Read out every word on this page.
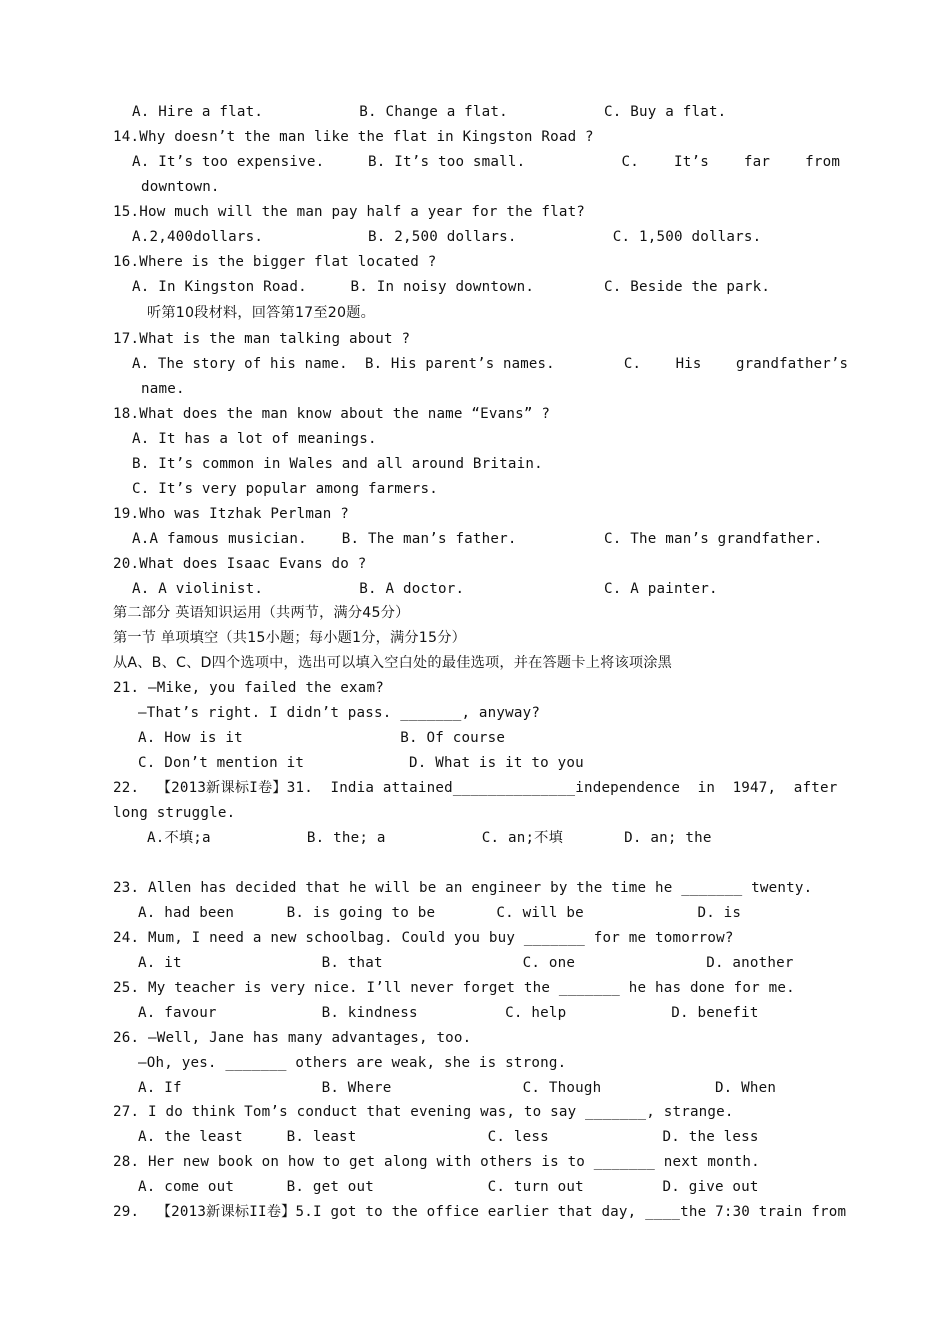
A. Hire a flat.           B. Change a flat.           C. Buy a flat.
14.Why doesn’t the man like the flat in Kingston Road ?
A. It’s too expensive.     B. It’s too small.           C.    It’s    far    from
downtown.
15.How much will the man pay half a year for the flat?
A.2,400dollars.            B. 2,500 dollars.           C. 1,500 dollars.
16.Where is the bigger flat located ?
A. In Kingston Road.     B. In noisy downtown.        C. Beside the park.
听第10段材料，回答第17至20题。
17.What is the man talking about ?
A. The story of his name.  B. His parent’s names.        C.    His    grandfather’s
name.
18.What does the man know about the name “Evans” ?
A. It has a lot of meanings.
B. It’s common in Wales and all around Britain.
C. It’s very popular among farmers.
19.Who was Itzhak Perlman ?
A.A famous musician.    B. The man’s father.          C. The man’s grandfather.
20.What does Isaac Evans do ?
A. A violinist.           B. A doctor.                C. A painter.
第二部分 英语知识运用（共两节，满分45分）
第一节 单项填空（共15小题；每小题1分，满分15分）
从A、B、C、D四个选项中，选出可以填入空白处的最佳选项，并在答题卡上将该项涂黑
21. —Mike, you failed the exam?
—That’s right. I didn’t pass. _______, anyway?
A. How is it                  B. Of course
C. Don’t mention it            D. What is it to you
22.  【2013新课标I卷】31.  India attained______________independence  in  1947,  after
long struggle.
A.不填;a           B. the; a           C. an;不填       D. an; the
23. Allen has decided that he will be an engineer by the time he _______ twenty.
A. had been      B. is going to be       C. will be             D. is
24. Mum, I need a new schoolbag. Could you buy _______ for me tomorrow?
A. it                B. that                C. one               D. another
25. My teacher is very nice. I’ll never forget the _______ he has done for me.
A. favour            B. kindness          C. help            D. benefit
26. —Well, Jane has many advantages, too.
—Oh, yes. _______ others are weak, she is strong.
A. If                B. Where               C. Though             D. When
27. I do think Tom’s conduct that evening was, to say _______, strange.
A. the least     B. least               C. less             D. the less
28. Her new book on how to get along with others is to _______ next month.
A. come out      B. get out             C. turn out         D. give out
29.  【2013新课标II卷】5.I got to the office earlier that day, ____the 7:30 train from
